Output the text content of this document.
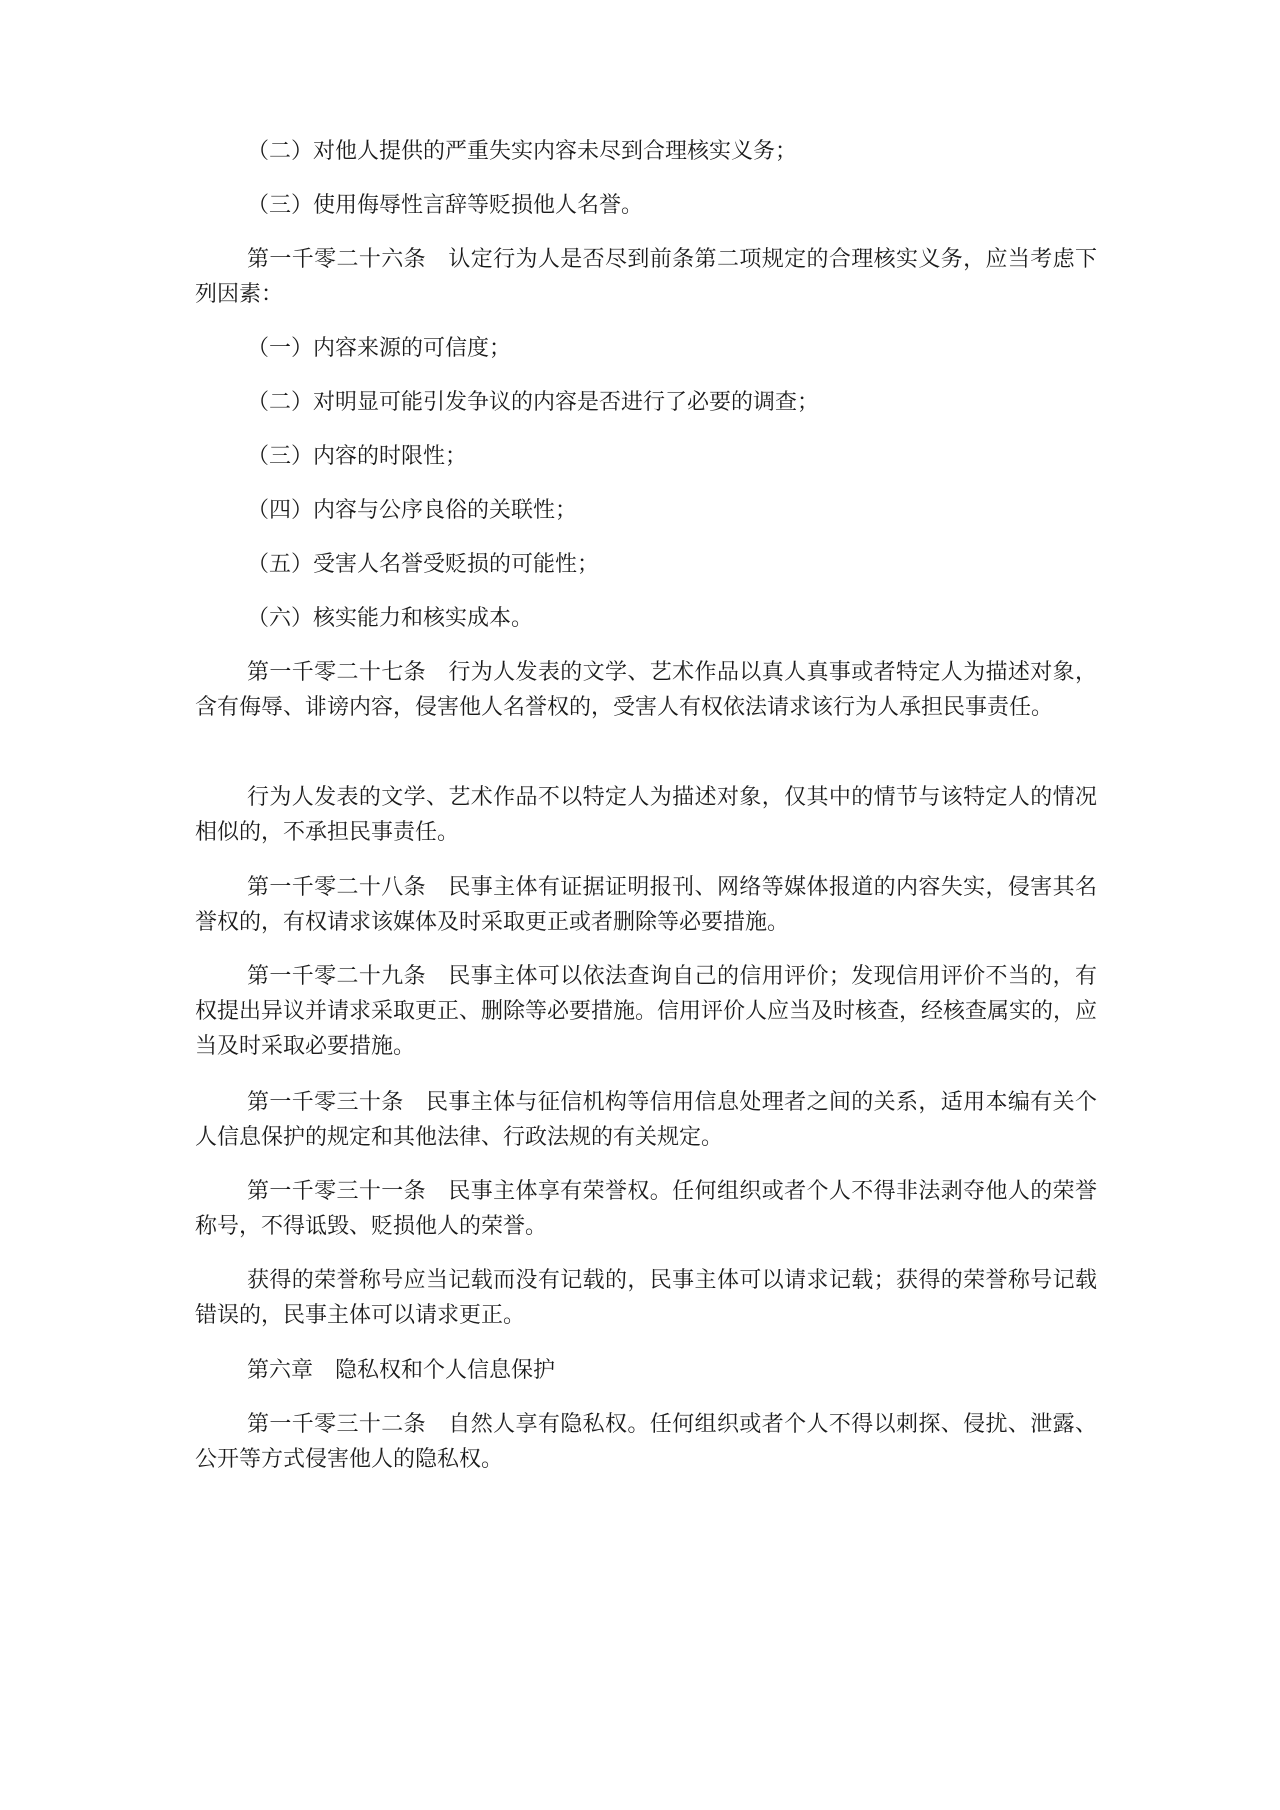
（二）对他人提供的严重失实内容未尽到合理核实义务；

（三）使用侮辱性言辞等贬损他人名誉。

第一千零二十六条　认定行为人是否尽到前条第二项规定的合理核实义务，应当考虑下列因素：

（一）内容来源的可信度；

（二）对明显可能引发争议的内容是否进行了必要的调查；

（三）内容的时限性；

（四）内容与公序良俗的关联性；

（五）受害人名誉受贬损的可能性；

（六）核实能力和核实成本。

第一千零二十七条　行为人发表的文学、艺术作品以真人真事或者特定人为描述对象，含有侮辱、诽谤内容，侵害他人名誉权的，受害人有权依法请求该行为人承担民事责任。

行为人发表的文学、艺术作品不以特定人为描述对象，仅其中的情节与该特定人的情况相似的，不承担民事责任。

第一千零二十八条　民事主体有证据证明报刊、网络等媒体报道的内容失实，侵害其名誉权的，有权请求该媒体及时采取更正或者删除等必要措施。

第一千零二十九条　民事主体可以依法查询自己的信用评价；发现信用评价不当的，有权提出异议并请求采取更正、删除等必要措施。信用评价人应当及时核查，经核查属实的，应当及时采取必要措施。

第一千零三十条　民事主体与征信机构等信用信息处理者之间的关系，适用本编有关个人信息保护的规定和其他法律、行政法规的有关规定。

第一千零三十一条　民事主体享有荣誉权。任何组织或者个人不得非法剥夺他人的荣誉称号，不得诋毁、贬损他人的荣誉。

获得的荣誉称号应当记载而没有记载的，民事主体可以请求记载；获得的荣誉称号记载错误的，民事主体可以请求更正。

第六章　隐私权和个人信息保护

第一千零三十二条　自然人享有隐私权。任何组织或者个人不得以刺探、侵扰、泄露、公开等方式侵害他人的隐私权。
